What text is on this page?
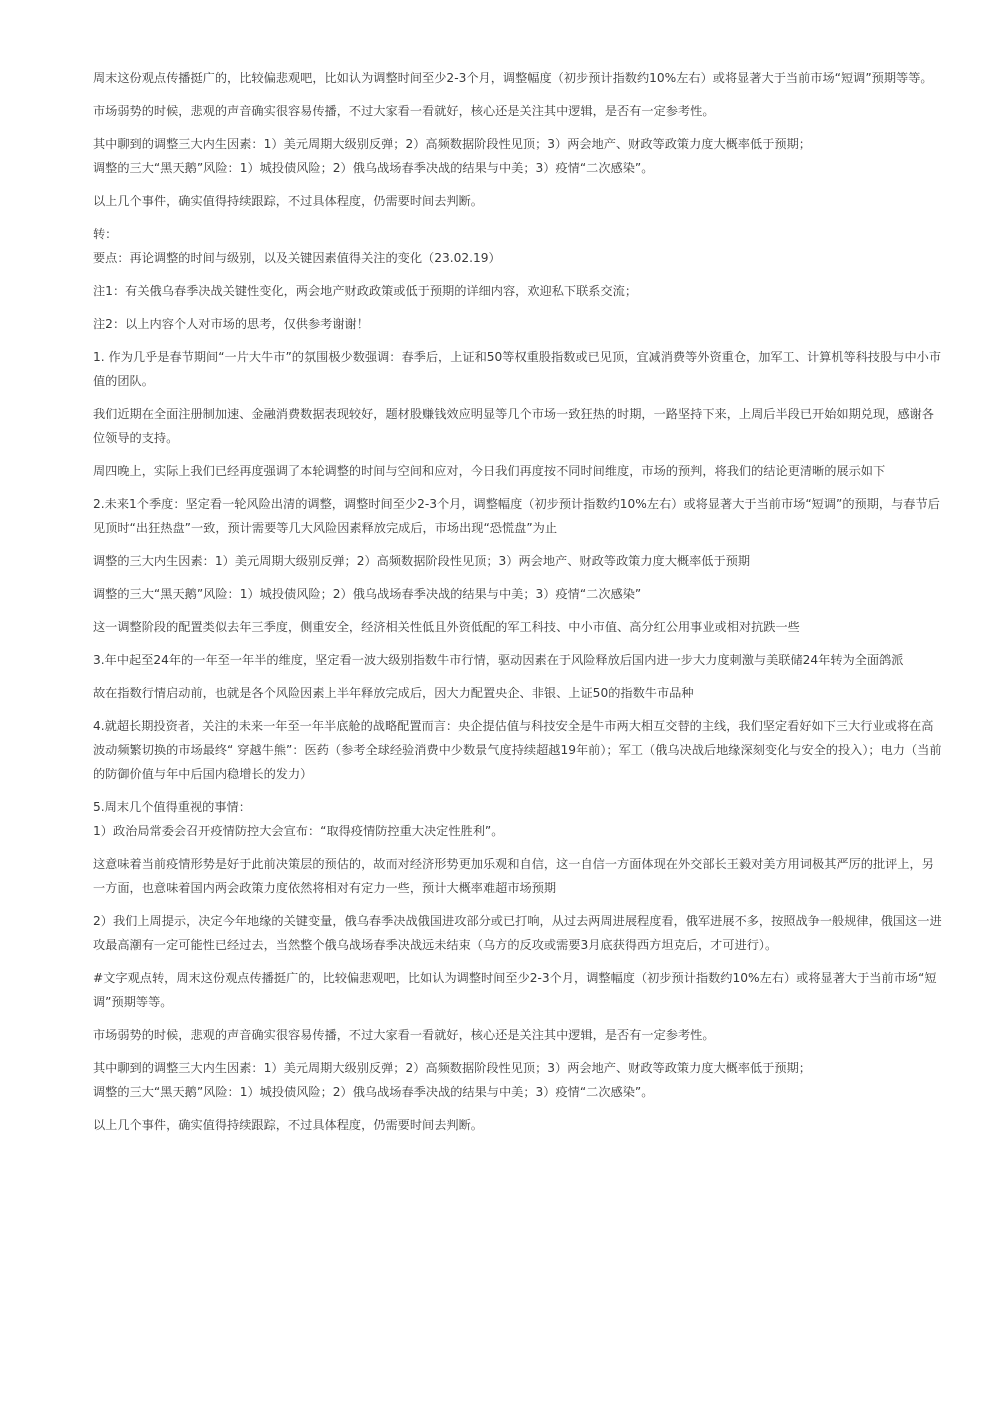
周末这份观点传播挺广的，比较偏悲观吧，比如认为调整时间至少2-3个月，调整幅度（初步预计指数约10%左右）或将显著大于当前市场“短调”预期等等。

市场弱势的时候，悲观的声音确实很容易传播，不过大家看一看就好，核心还是关注其中逻辑，是否有一定参考性。

其中聊到的调整三大内生因素：1）美元周期大级别反弹；2）高频数据阶段性见顶；3）两会地产、财政等政策力度大概率低于预期；
调整的三大“黑天鹅”风险：1）城投债风险；2）俄乌战场春季决战的结果与中美；3）疫情“二次感染”。

以上几个事件，确实值得持续跟踪，不过具体程度，仍需要时间去判断。

转：
要点：再论调整的时间与级别，以及关键因素值得关注的变化（23.02.19）

注1：有关俄乌春季决战关键性变化，两会地产财政政策或低于预期的详细内容，欢迎私下联系交流；

注2：以上内容个人对市场的思考，仅供参考谢谢！

1. 作为几乎是春节期间“一片大牛市”的氛围极少数强调：春季后，上证和50等权重股指数或已见顶，宜减消费等外资重仓，加军工、计算机等科技股与中小市值的团队。

我们近期在全面注册制加速、金融消费数据表现较好，题材股赚钱效应明显等几个市场一致狂热的时期，一路坚持下来，上周后半段已开始如期兑现，感谢各位领导的支持。

周四晚上，实际上我们已经再度强调了本轮调整的时间与空间和应对，今日我们再度按不同时间维度，市场的预判，将我们的结论更清晰的展示如下

2.未来1个季度：坚定看一轮风险出清的调整，调整时间至少2-3个月，调整幅度（初步预计指数约10%左右）或将显著大于当前市场“短调”的预期，与春节后见顶时“出狂热盘”一致，预计需要等几大风险因素释放完成后，市场出现“恐慌盘”为止

调整的三大内生因素：1）美元周期大级别反弹；2）高频数据阶段性见顶；3）两会地产、财政等政策力度大概率低于预期

调整的三大“黑天鹅”风险：1）城投债风险；2）俄乌战场春季决战的结果与中美；3）疫情“二次感染”

这一调整阶段的配置类似去年三季度，侧重安全，经济相关性低且外资低配的军工科技、中小市值、高分红公用事业或相对抗跌一些

3.年中起至24年的一年至一年半的维度，坚定看一波大级别指数牛市行情，驱动因素在于风险释放后国内进一步大力度刺激与美联储24年转为全面鸽派

故在指数行情启动前，也就是各个风险因素上半年释放完成后，因大力配置央企、非银、上证50的指数牛市品种

4.就超长期投资者，关注的未来一年至一年半底舱的战略配置而言：央企提估值与科技安全是牛市两大相互交替的主线，我们坚定看好如下三大行业或将在高波动频繁切换的市场最终“ 穿越牛熊”：医药（参考全球经验消费中少数景气度持续超越19年前）；军工（俄乌决战后地缘深刻变化与安全的投入）；电力（当前的防御价值与年中后国内稳增长的发力）

5.周末几个值得重视的事情：
1）政治局常委会召开疫情防控大会宣布：“取得疫情防控重大决定性胜利”。

这意味着当前疫情形势是好于此前决策层的预估的，故而对经济形势更加乐观和自信，这一自信一方面体现在外交部长王毅对美方用词极其严厉的批评上，另一方面，也意味着国内两会政策力度依然将相对有定力一些，预计大概率难超市场预期

2）我们上周提示，决定今年地缘的关键变量，俄乌春季决战俄国进攻部分或已打响，从过去两周进展程度看，俄军进展不多，按照战争一般规律，俄国这一进攻最高潮有一定可能性已经过去，当然整个俄乌战场春季决战远未结束（乌方的反攻或需要3月底获得西方坦克后，才可进行）。

#文字观点转，周末这份观点传播挺广的，比较偏悲观吧，比如认为调整时间至少2-3个月，调整幅度（初步预计指数约10%左右）或将显著大于当前市场“短调”预期等等。

市场弱势的时候，悲观的声音确实很容易传播，不过大家看一看就好，核心还是关注其中逻辑，是否有一定参考性。

其中聊到的调整三大内生因素：1）美元周期大级别反弹；2）高频数据阶段性见顶；3）两会地产、财政等政策力度大概率低于预期；
调整的三大“黑天鹅”风险：1）城投债风险；2）俄乌战场春季决战的结果与中美；3）疫情“二次感染”。

以上几个事件，确实值得持续跟踪，不过具体程度，仍需要时间去判断。
